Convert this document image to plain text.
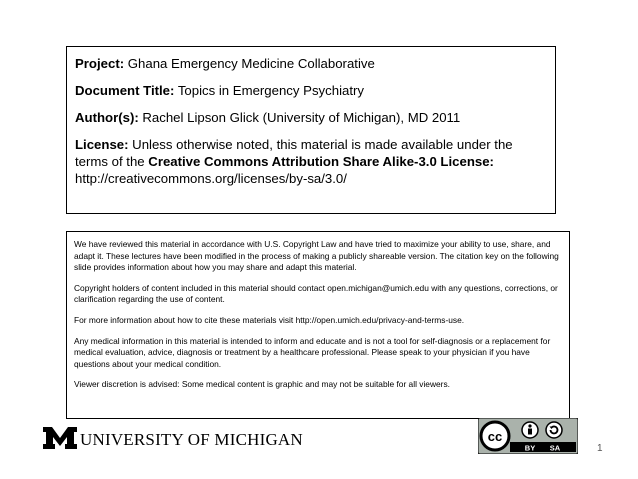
Project: Ghana Emergency Medicine Collaborative

Document Title: Topics in Emergency Psychiatry

Author(s): Rachel Lipson Glick (University of Michigan), MD 2011

License: Unless otherwise noted, this material is made available under the terms of the Creative Commons Attribution Share Alike-3.0 License:
http://creativecommons.org/licenses/by-sa/3.0/

We have reviewed this material in accordance with U.S. Copyright Law and have tried to maximize your ability to use, share, and adapt it. These lectures have been modified in the process of making a publicly shareable version. The citation key on the following slide provides information about how you may share and adapt this material.

Copyright holders of content included in this material should contact open.michigan@umich.edu with any questions, corrections, or clarification regarding the use of content.

For more information about how to cite these materials visit http://open.umich.edu/privacy-and-terms-use.

Any medical information in this material is intended to inform and educate and is not a tool for self-diagnosis or a replacement for medical evaluation, advice, diagnosis or treatment by a healthcare professional. Please speak to your physician if you have questions about your medical condition.

Viewer discretion is advised: Some medical content is graphic and may not be suitable for all viewers.

UNIVERSITY OF MICHIGAN	cc
BY SA	1
